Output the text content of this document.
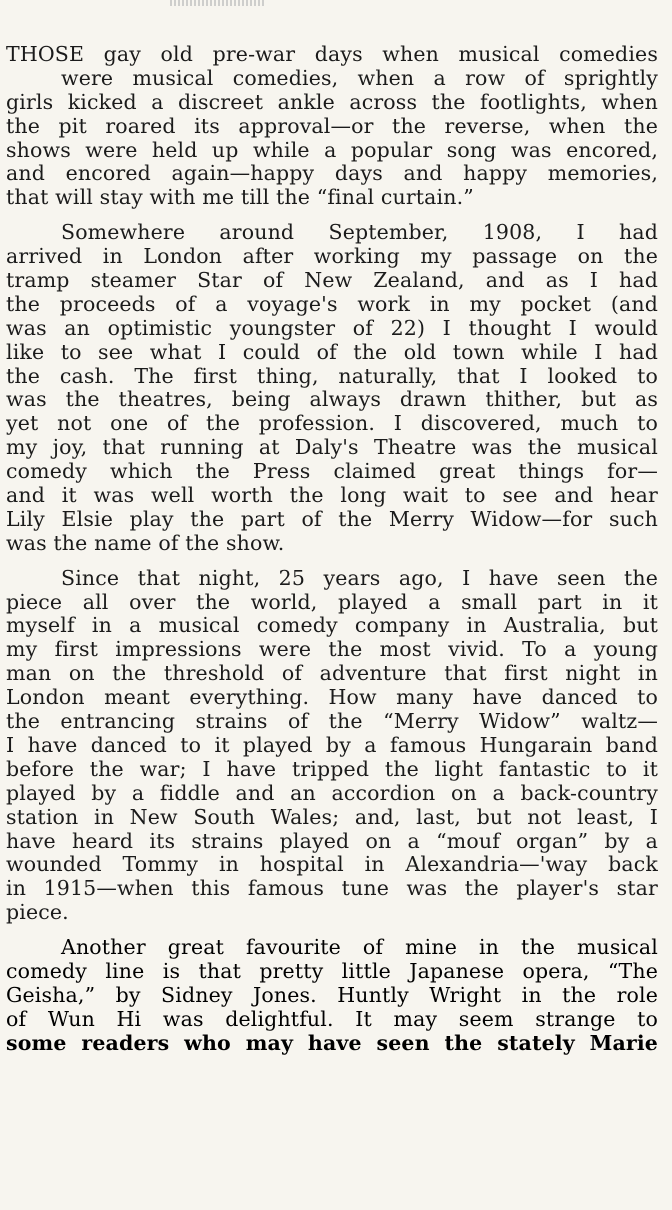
THOSE gay old pre-war days when musical comedies
were musical comedies, when a row of sprightly
girls kicked a discreet ankle across the footlights, when
the pit roared its approval—or the reverse, when the
shows were held up while a popular song was encored,
and encored again—happy days and happy memories,
that will stay with me till the “final curtain.”
Somewhere around September, 1908, I had
arrived in London after working my passage on the
tramp steamer Star of New Zealand, and as I had
the proceeds of a voyage's work in my pocket (and
was an optimistic youngster of 22) I thought I would
like to see what I could of the old town while I had
the cash. The first thing, naturally, that I looked to
was the theatres, being always drawn thither, but as
yet not one of the profession. I discovered, much to
my joy, that running at Daly's Theatre was the musical
comedy which the Press claimed great things for—
and it was well worth the long wait to see and hear
Lily Elsie play the part of the Merry Widow—for such
was the name of the show.
Since that night, 25 years ago, I have seen the
piece all over the world, played a small part in it
myself in a musical comedy company in Australia, but
my first impressions were the most vivid. To a young
man on the threshold of adventure that first night in
London meant everything. How many have danced to
the entrancing strains of the “Merry Widow” waltz—
I have danced to it played by a famous Hungarain band
before the war; I have tripped the light fantastic to it
played by a fiddle and an accordion on a back-country
station in New South Wales; and, last, but not least, I
have heard its strains played on a “mouf organ” by a
wounded Tommy in hospital in Alexandria—'way back
in 1915—when this famous tune was the player's star
piece.
Another great favourite of mine in the musical
comedy line is that pretty little Japanese opera, “The
Geisha,” by Sidney Jones. Huntly Wright in the role
of Wun Hi was delightful. It may seem strange to
some readers who may have seen the stately Marie
